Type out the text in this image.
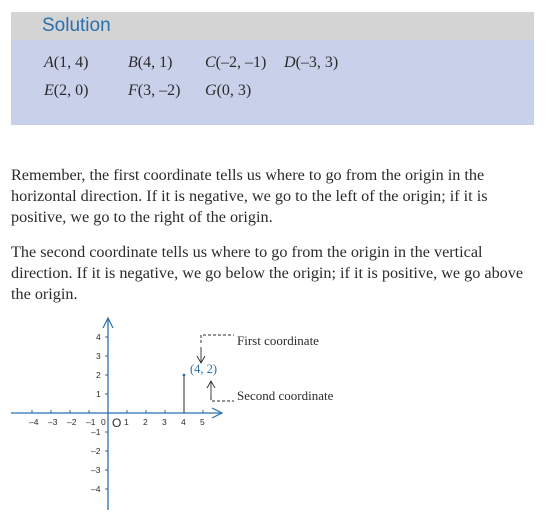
Solution
A(1, 4) B(4, 1) C(–2, –1) D(–3, 3)
E(2, 0) F(3, –2) G(0, 3)

Remember, the first coordinate tells us where to go from the origin in the horizontal direction. If it is negative, we go to the left of the origin; if it is positive, we go to the right of the origin.

The second coordinate tells us where to go from the origin in the vertical direction. If it is negative, we go below the origin; if it is positive, we go above the origin.

–4 –3 –2 –1 0 1 2 3 4 5
4
3
2
1
–1
–2
–3
–4
O
(4, 2)
First coordinate
Second coordinate
